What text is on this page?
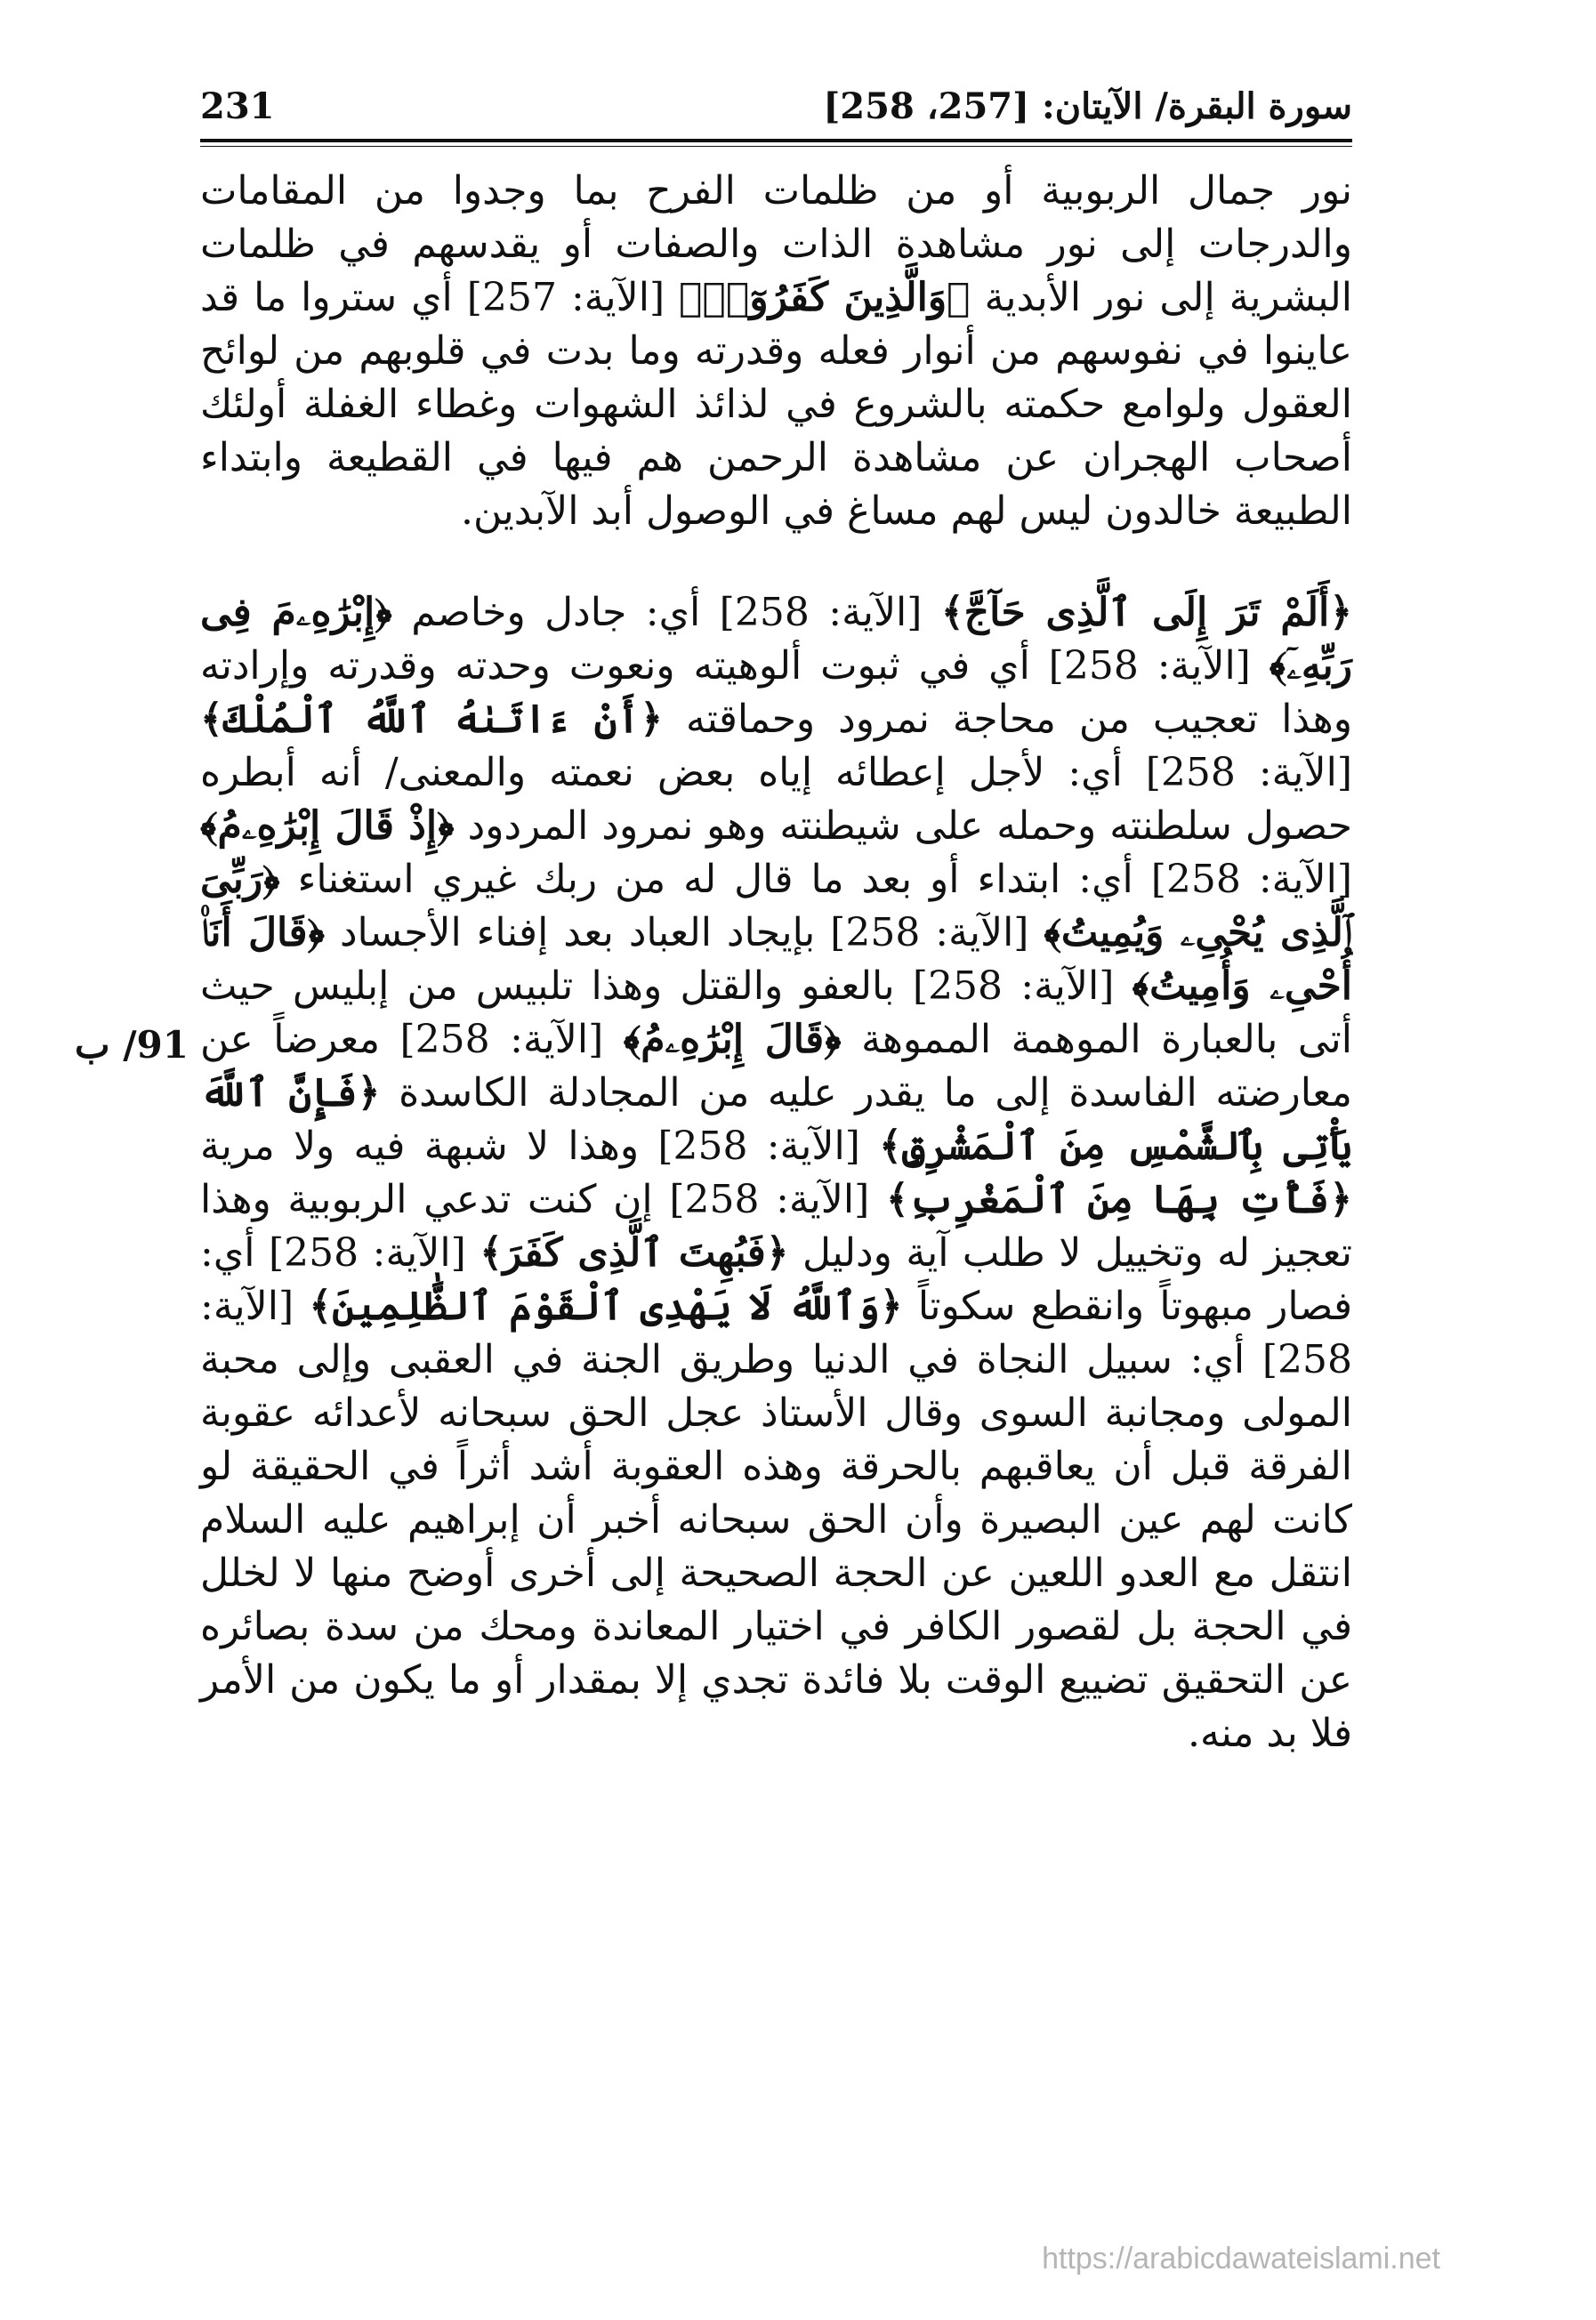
سورة البقرة/ الآيتان: [257، 258]
231

نور جمال الربوبية أو من ظلمات الفرح بما وجدوا من المقامات والدرجات إلى نور مشاهدة الذات والصفات أو يقدسهم في ظلمات البشرية إلى نور الأبدية ﴿وَالَّذِينَ كَفَرُوٓا۟﴾ [الآية: 257] أي ستروا ما قد عاينوا في نفوسهم من أنوار فعله وقدرته وما بدت في قلوبهم من لوائح العقول ولوامع حكمته بالشروع في لذائذ الشهوات وغطاء الغفلة أولئك أصحاب الهجران عن مشاهدة الرحمن هم فيها في القطيعة وابتداء الطبيعة خالدون ليس لهم مساغ في الوصول أبد الآبدين.

﴿أَلَمْ تَرَ إِلَى ٱلَّذِى حَآجَّ﴾ [الآية: 258] أي: جادل وخاصم ﴿إِبْرَٰهِۦمَ فِى رَبِّهِۦٓ﴾ [الآية: 258] أي في ثبوت ألوهيته ونعوت وحدته وقدرته وإرادته وهذا تعجيب من محاجة نمرود وحماقته ﴿أَنْ ءَاتَىٰهُ ٱللَّهُ ٱلْمُلْكَ﴾ [الآية: 258] أي: لأجل إعطائه إياه بعض نعمته والمعنى/ أنه أبطره حصول سلطنته وحمله على شيطنته وهو نمرود المردود ﴿إِذْ قَالَ إِبْرَٰهِۦمُ﴾ [الآية: 258] أي: ابتداء أو بعد ما قال له من ربك غيري استغناء ﴿رَبِّىَ ٱلَّذِى يُحْىِۦ وَيُمِيتُ﴾ [الآية: 258] بإيجاد العباد بعد إفناء الأجساد ﴿قَالَ أَنَا۠ أُحْىِۦ وَأُمِيتُ﴾ [الآية: 258] بالعفو والقتل وهذا تلبيس من إبليس حيث أتى بالعبارة الموهمة المموهة ﴿قَالَ إِبْرَٰهِۦمُ﴾ [الآية: 258] معرضاً عن معارضته الفاسدة إلى ما يقدر عليه من المجادلة الكاسدة ﴿فَإِنَّ ٱللَّهَ يَأْتِى بِٱلشَّمْسِ مِنَ ٱلْمَشْرِقِ﴾ [الآية: 258] وهذا لا شبهة فيه ولا مرية ﴿فَأْتِ بِهَا مِنَ ٱلْمَغْرِبِ﴾ [الآية: 258] إن كنت تدعي الربوبية وهذا تعجيز له وتخييل لا طلب آية ودليل ﴿فَبُهِتَ ٱلَّذِى كَفَرَ﴾ [الآية: 258] أي: فصار مبهوتاً وانقطع سكوتاً ﴿وَٱللَّهُ لَا يَهْدِى ٱلْقَوْمَ ٱلظَّٰلِمِينَ﴾ [الآية: 258] أي: سبيل النجاة في الدنيا وطريق الجنة في العقبى وإلى محبة المولى ومجانبة السوى وقال الأستاذ عجل الحق سبحانه لأعدائه عقوبة الفرقة قبل أن يعاقبهم بالحرقة وهذه العقوبة أشد أثراً في الحقيقة لو كانت لهم عين البصيرة وأن الحق سبحانه أخبر أن إبراهيم عليه السلام انتقل مع العدو اللعين عن الحجة الصحيحة إلى أخرى أوضح منها لا لخلل في الحجة بل لقصور الكافر في اختيار المعاندة ومحك من سدة بصائره عن التحقيق تضييع الوقت بلا فائدة تجدي إلا بمقدار أو ما يكون من الأمر فلا بد منه.

91/ ب
https://arabicdawateislami.net
